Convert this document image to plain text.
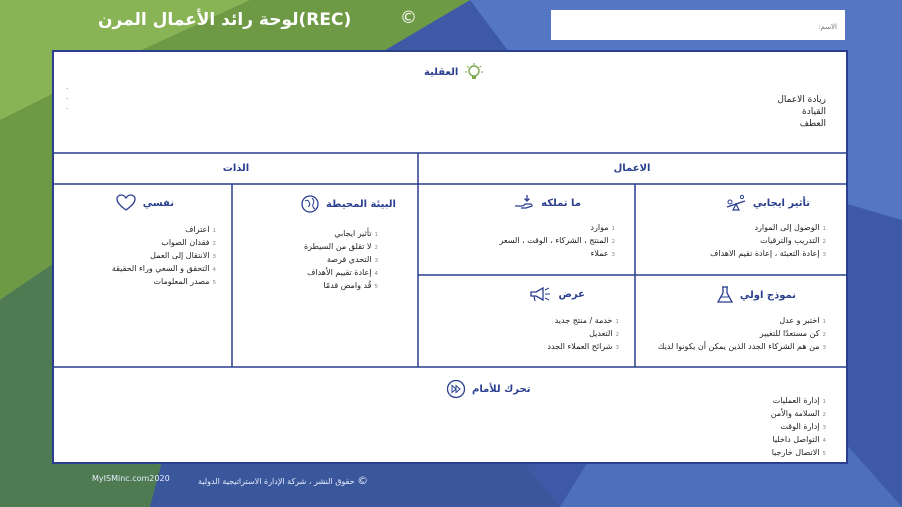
لوحة رائد الأعمال المرن(REC)	©
الاسم:
العقلية
.
.
.
ريادة الاعمال
القيادة
العطف
الذات	الاعمال
نفسي
1اعتراف
2فقدان الصواب
3الانتقال إلى العمل
4التحقق و السعي وراء الحقيقة
5مصدر المعلومات
البيئة المحيطة
1تأثير ايجابي
2لا تقلق من السيطرة
3التحدي فرصة
4إعادة تقييم الأهداف
5قُد وامض قدمًا
ما تملكه
1موارد
2المنتج ، الشركاء ، الوقت ، السعر
3عملاء
تأثير ايجابي
1الوصول إلى الموارد
2التدريب والترقيات
3إعادة التعبئة ، إعادة تقيم الاهداف
عرض
1خدمة / منتج جديد
2التعديل
3شرائح العملاء الجدد
نموذج اولي
1اختبر و عدل
2كن مستعدًا للتغيير
3من هم الشركاء الجدد الذين يمكن أن يكونوا لديك
تحرك للأمام
1إدارة العمليات
2السلامة والأمن
3إدارة الوقت
4التواصل داخليا
5الاتصال خارجيا
MyISMinc.com2020	© حقوق النشر ، شركة الإدارة الاستراتيجية الدولية
